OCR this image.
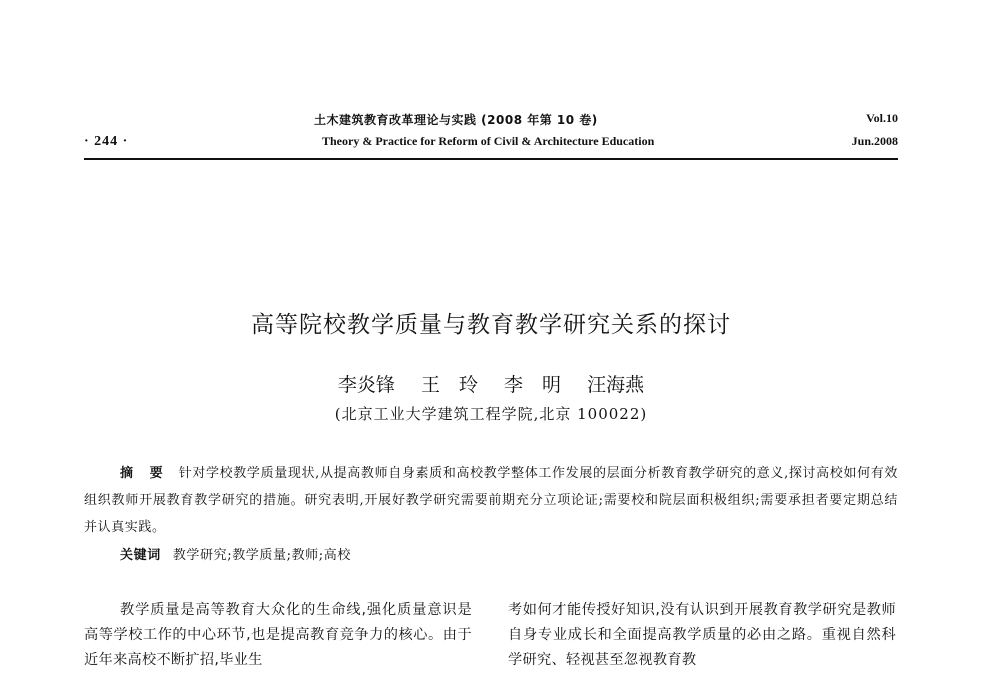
· 244 ·
土木建筑教育改革理论与实践 (2008 年第 10 卷)
Theory & Practice for Reform of Civil & Architecture Education
Vol.10
Jun.2008
高等院校教学质量与教育教学研究关系的探讨
李炎锋 王　玲 李　明 汪海燕
(北京工业大学建筑工程学院,北京 100022)
摘 要 针对学校教学质量现状,从提高教师自身素质和高校教学整体工作发展的层面分析教育教学研究的意义,探讨高校如何有效组织教师开展教育教学研究的措施。研究表明,开展好教学研究需要前期充分立项论证;需要校和院层面积极组织;需要承担者要定期总结并认真实践。
关键词 教学研究;教学质量;教师;高校
教学质量是高等教育大众化的生命线,强化质量意识是高等学校工作的中心环节,也是提高教育竞争力的核心。由于近年来高校不断扩招,毕业生
考如何才能传授好知识,没有认识到开展教育教学研究是教师自身专业成长和全面提高教学质量的必由之路。重视自然科学研究、轻视甚至忽视教育教
